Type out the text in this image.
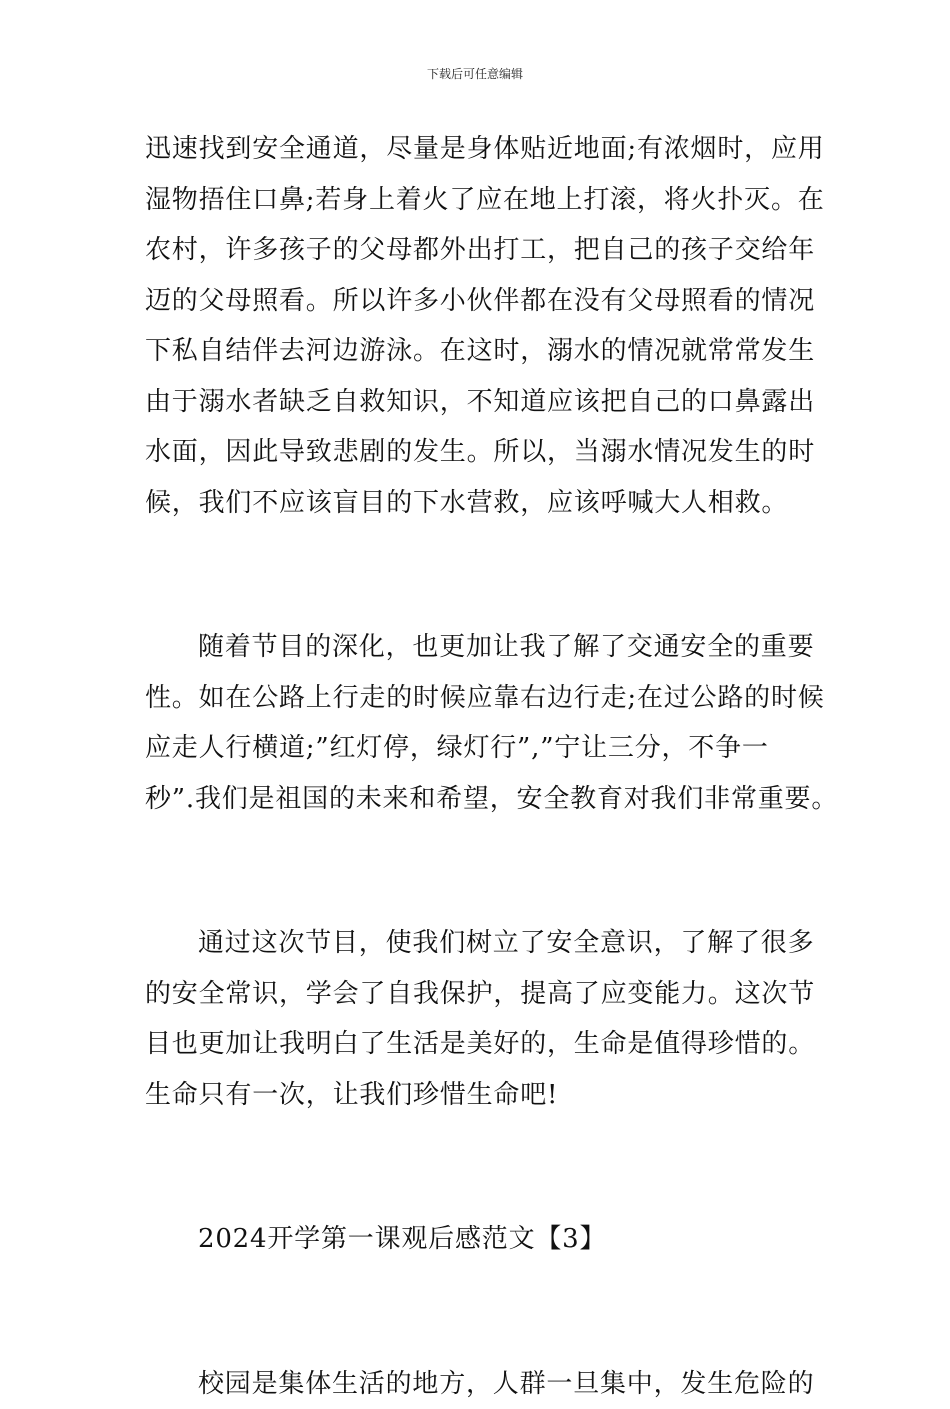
下载后可任意编辑
迅速找到安全通道，尽量是身体贴近地面;有浓烟时，应用
湿物捂住口鼻;若身上着火了应在地上打滚，将火扑灭。在
农村，许多孩子的父母都外出打工，把自己的孩子交给年
迈的父母照看。所以许多小伙伴都在没有父母照看的情况
下私自结伴去河边游泳。在这时，溺水的情况就常常发生
由于溺水者缺乏自救知识，不知道应该把自己的口鼻露出
水面，因此导致悲剧的发生。所以，当溺水情况发生的时
候，我们不应该盲目的下水营救，应该呼喊大人相救。
随着节目的深化，也更加让我了解了交通安全的重要
性。如在公路上行走的时候应靠右边行走;在过公路的时候
应走人行横道;”红灯停，绿灯行”,”宁让三分，不争一
秒”.我们是祖国的未来和希望，安全教育对我们非常重要。
通过这次节目，使我们树立了安全意识，了解了很多
的安全常识，学会了自我保护，提高了应变能力。这次节
目也更加让我明白了生活是美好的，生命是值得珍惜的。
生命只有一次，让我们珍惜生命吧!
2024开学第一课观后感范文【3】
校园是集体生活的地方，人群一旦集中，发生危险的
